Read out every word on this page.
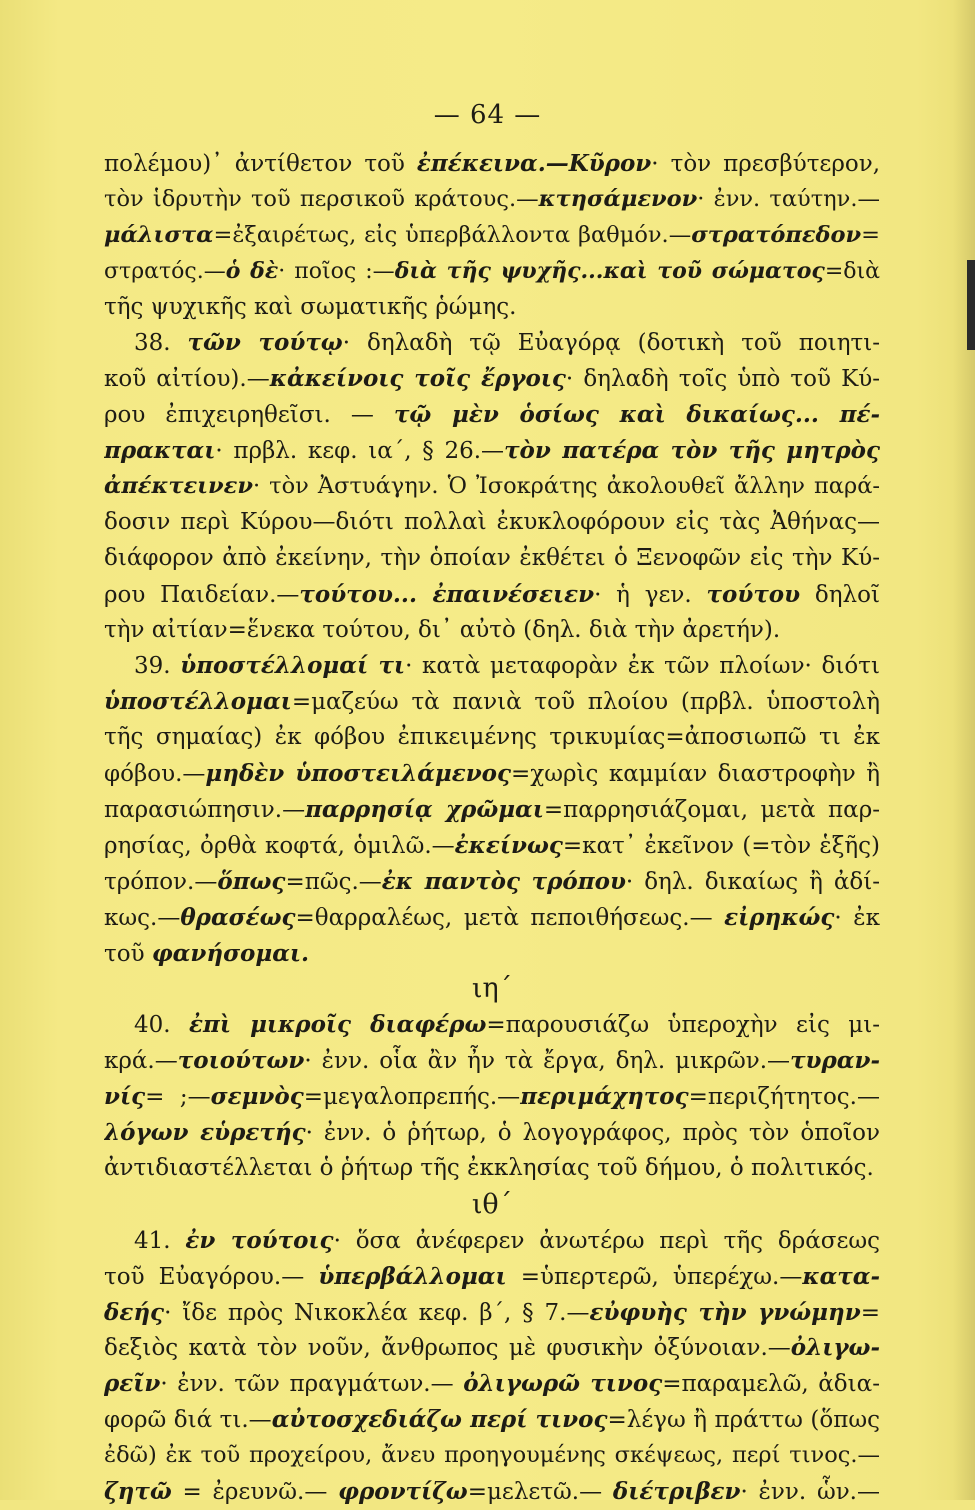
— 64 —
πολέμου)᾽ ἀντίθετον τοῦ ἐπέκεινα.—Κῦρον· τὸν πρεσβύτερον,
τὸν ἱδρυτὴν τοῦ περσικοῦ κράτους.—κτησάμενον· ἐνν. ταύτην.—
μάλιστα=ἐξαιρέτως, εἰς ὑπερβάλλοντα βαθμόν.—στρατόπεδον=
στρατός.—ὁ δὲ· ποῖος :—διὰ τῆς ψυχῆς...καὶ τοῦ σώματος=διὰ
τῆς ψυχικῆς καὶ σωματικῆς ῥώμης.
38. τῶν τούτῳ· δηλαδὴ τῷ Εὐαγόρᾳ (δοτικὴ τοῦ ποιητι-
κοῦ αἰτίου).—κἀκείνοις τοῖς ἔργοις· δηλαδὴ τοῖς ὑπὸ τοῦ Κύ-
ρου ἐπιχειρηθεῖσι. — τῷ μὲν ὁσίως καὶ δικαίως... πέ-
πρακται· πρβλ. κεφ. ια΄, § 26.—τὸν πατέρα τὸν τῆς μητρὸς
ἀπέκτεινεν· τὸν Ἀστυάγην. Ὁ Ἰσοκράτης ἀκολουθεῖ ἄλλην παρά-
δοσιν περὶ Κύρου—διότι πολλαὶ ἐκυκλοφόρουν εἰς τὰς Ἀθήνας—
διάφορον ἀπὸ ἐκείνην, τὴν ὁποίαν ἐκθέτει ὁ Ξενοφῶν εἰς τὴν Κύ-
ρου Παιδείαν.—τούτου... ἐπαινέσειεν· ἡ γεν. τούτου δηλοῖ
τὴν αἰτίαν=ἕνεκα τούτου, δι᾽ αὐτὸ (δηλ. διὰ τὴν ἀρετήν).
39. ὑποστέλλομαί τι· κατὰ μεταφορὰν ἐκ τῶν πλοίων· διότι
ὑποστέλλομαι=μαζεύω τὰ πανιὰ τοῦ πλοίου (πρβλ. ὑποστολὴ
τῆς σημαίας) ἐκ φόβου ἐπικειμένης τρικυμίας=ἀποσιωπῶ τι ἐκ
φόβου.—μηδὲν ὑποστειλάμενος=χωρὶς καμμίαν διαστροφὴν ἢ
παρασιώπησιν.—παρρησίᾳ χρῶμαι=παρρησιάζομαι, μετὰ παρ-
ρησίας, ὀρθὰ κοφτά, ὁμιλῶ.—ἐκείνως=κατ᾽ ἐκεῖνον (=τὸν ἑξῆς)
τρόπον.—ὅπως=πῶς.—ἐκ παντὸς τρόπου· δηλ. δικαίως ἢ ἀδί-
κως.—θρασέως=θαρραλέως, μετὰ πεποιθήσεως.— εἰρηκώς· ἐκ
τοῦ φανήσομαι.
ιη΄
40. ἐπὶ μικροῖς διαφέρω=παρουσιάζω ὑπεροχὴν εἰς μι-
κρά.—τοιούτων· ἐνν. οἷα ἂν ἦν τὰ ἔργα, δηλ. μικρῶν.—τυραν-
νίς= ;—σεμνὸς=μεγαλοπρεπής.—περιμάχητος=περιζήτητος.—
λόγων εὑρετής· ἐνν. ὁ ῥήτωρ, ὁ λογογράφος, πρὸς τὸν ὁποῖον
ἀντιδιαστέλλεται ὁ ῥήτωρ τῆς ἐκκλησίας τοῦ δήμου, ὁ πολιτικός.
ιθ΄
41. ἐν τούτοις· ὅσα ἀνέφερεν ἀνωτέρω περὶ τῆς δράσεως
τοῦ Εὐαγόρου.— ὑπερβάλλομαι =ὑπερτερῶ, ὑπερέχω.—κατα-
δεής· ἴδε πρὸς Νικοκλέα κεφ. β΄, § 7.—εὐφυὴς τὴν γνώμην=
δεξιὸς κατὰ τὸν νοῦν, ἄνθρωπος μὲ φυσικὴν ὀξύνοιαν.—ὀλιγω-
ρεῖν· ἐνν. τῶν πραγμάτων.— ὀλιγωρῶ τινος=παραμελῶ, ἀδια-
φορῶ διά τι.—αὐτοσχεδιάζω περί τινος=λέγω ἢ πράττω (ὅπως
ἐδῶ) ἐκ τοῦ προχείρου, ἄνευ προηγουμένης σκέψεως, περί τινος.—
ζητῶ = ἐρευνῶ.— φροντίζω=μελετῶ.— διέτριβεν· ἐνν. ὧν.—
